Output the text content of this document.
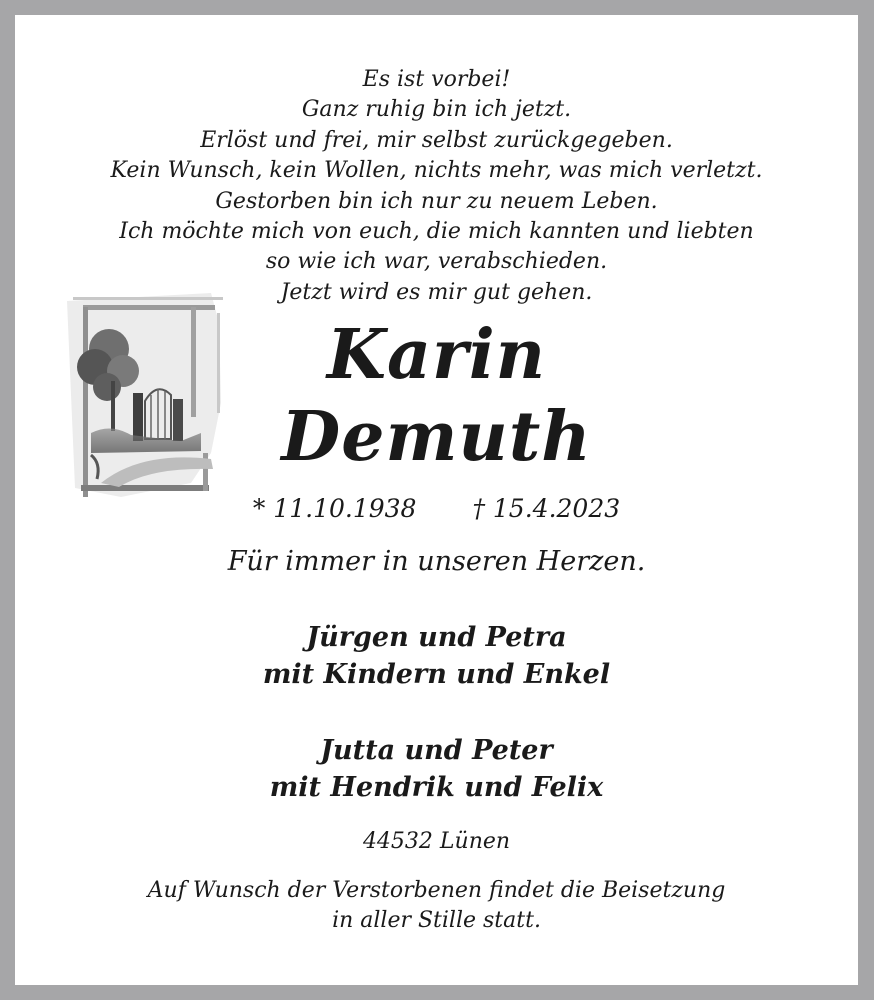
Es ist vorbei!
Ganz ruhig bin ich jetzt.
Erlöst und frei, mir selbst zurückgegeben.
Kein Wunsch, kein Wollen, nichts mehr, was mich verletzt.
Gestorben bin ich nur zu neuem Leben.
Ich möchte mich von euch, die mich kannten und liebten
so wie ich war, verabschieden.
Jetzt wird es mir gut gehen.
Karin
Demuth
* 11.10.1938 † 15.4.2023
Für immer in unseren Herzen.
Jürgen und Petra
mit Kindern und Enkel
Jutta und Peter
mit Hendrik und Felix
44532 Lünen
Auf Wunsch der Verstorbenen findet die Beisetzung
in aller Stille statt.
